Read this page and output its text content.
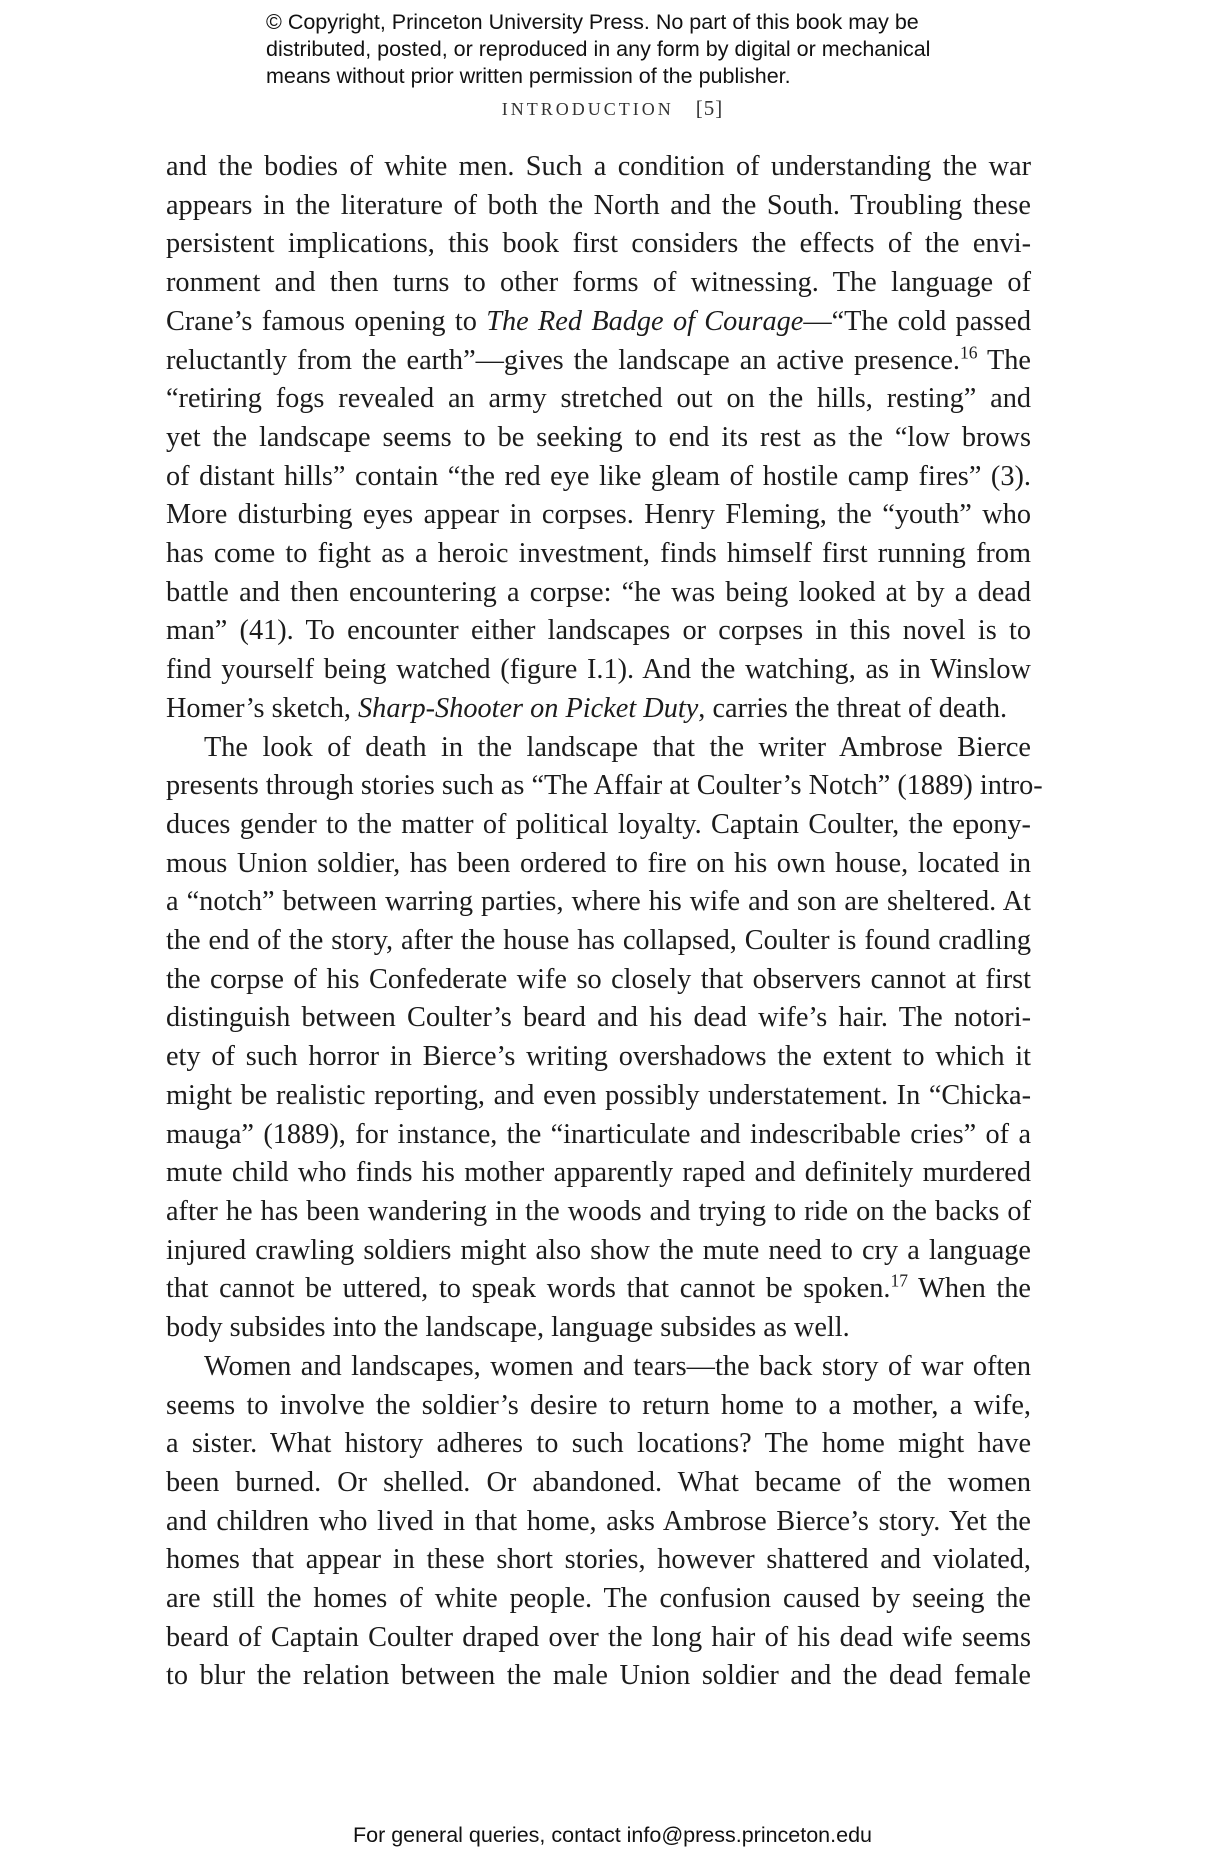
© Copyright, Princeton University Press. No part of this book may be

distributed, posted, or reproduced in any form by digital or mechanical

means without prior written permission of the publisher.

INTRODUCTION [5]
and the bodies of white men. Such a condition of understanding the war
appears in the literature of both the North and the South. Troubling these
persistent implications, this book first considers the effects of the envi-
ronment and then turns to other forms of witnessing. The language of
Crane’s famous opening to The Red Badge of Courage—“The cold passed
reluctantly from the earth”—gives the landscape an active presence.$^{16}$ The
“retiring fogs revealed an army stretched out on the hills, resting” and
yet the landscape seems to be seeking to end its rest as the “low brows
of distant hills” contain “the red eye like gleam of hostile camp fires” (3).
More disturbing eyes appear in corpses. Henry Fleming, the “youth” who
has come to fight as a heroic investment, finds himself first running from
battle and then encountering a corpse: “he was being looked at by a dead
man” (41). To encounter either landscapes or corpses in this novel is to
find yourself being watched (figure I.1). And the watching, as in Winslow
Homer’s sketch, Sharp-Shooter on Picket Duty, carries the threat of death.
The look of death in the landscape that the writer Ambrose Bierce
presents through stories such as “The Affair at Coulter’s Notch” (1889) intro-
duces gender to the matter of political loyalty. Captain Coulter, the epony-
mous Union soldier, has been ordered to fire on his own house, located in
a “notch” between warring parties, where his wife and son are sheltered. At
the end of the story, after the house has collapsed, Coulter is found cradling
the corpse of his Confederate wife so closely that observers cannot at first
distinguish between Coulter’s beard and his dead wife’s hair. The notori-
ety of such horror in Bierce’s writing overshadows the extent to which it
might be realistic reporting, and even possibly understatement. In “Chicka-
mauga” (1889), for instance, the “inarticulate and indescribable cries” of a
mute child who finds his mother apparently raped and definitely murdered
after he has been wandering in the woods and trying to ride on the backs of
injured crawling soldiers might also show the mute need to cry a language
that cannot be uttered, to speak words that cannot be spoken.$^{17}$ When the
body subsides into the landscape, language subsides as well.
Women and landscapes, women and tears—the back story of war often
seems to involve the soldier’s desire to return home to a mother, a wife,
a sister. What history adheres to such locations? The home might have
been burned. Or shelled. Or abandoned. What became of the women
and children who lived in that home, asks Ambrose Bierce’s story. Yet the
homes that appear in these short stories, however shattered and violated,
are still the homes of white people. The confusion caused by seeing the
beard of Captain Coulter draped over the long hair of his dead wife seems
to blur the relation between the male Union soldier and the dead female
For general queries, contact info@press.princeton.edu
